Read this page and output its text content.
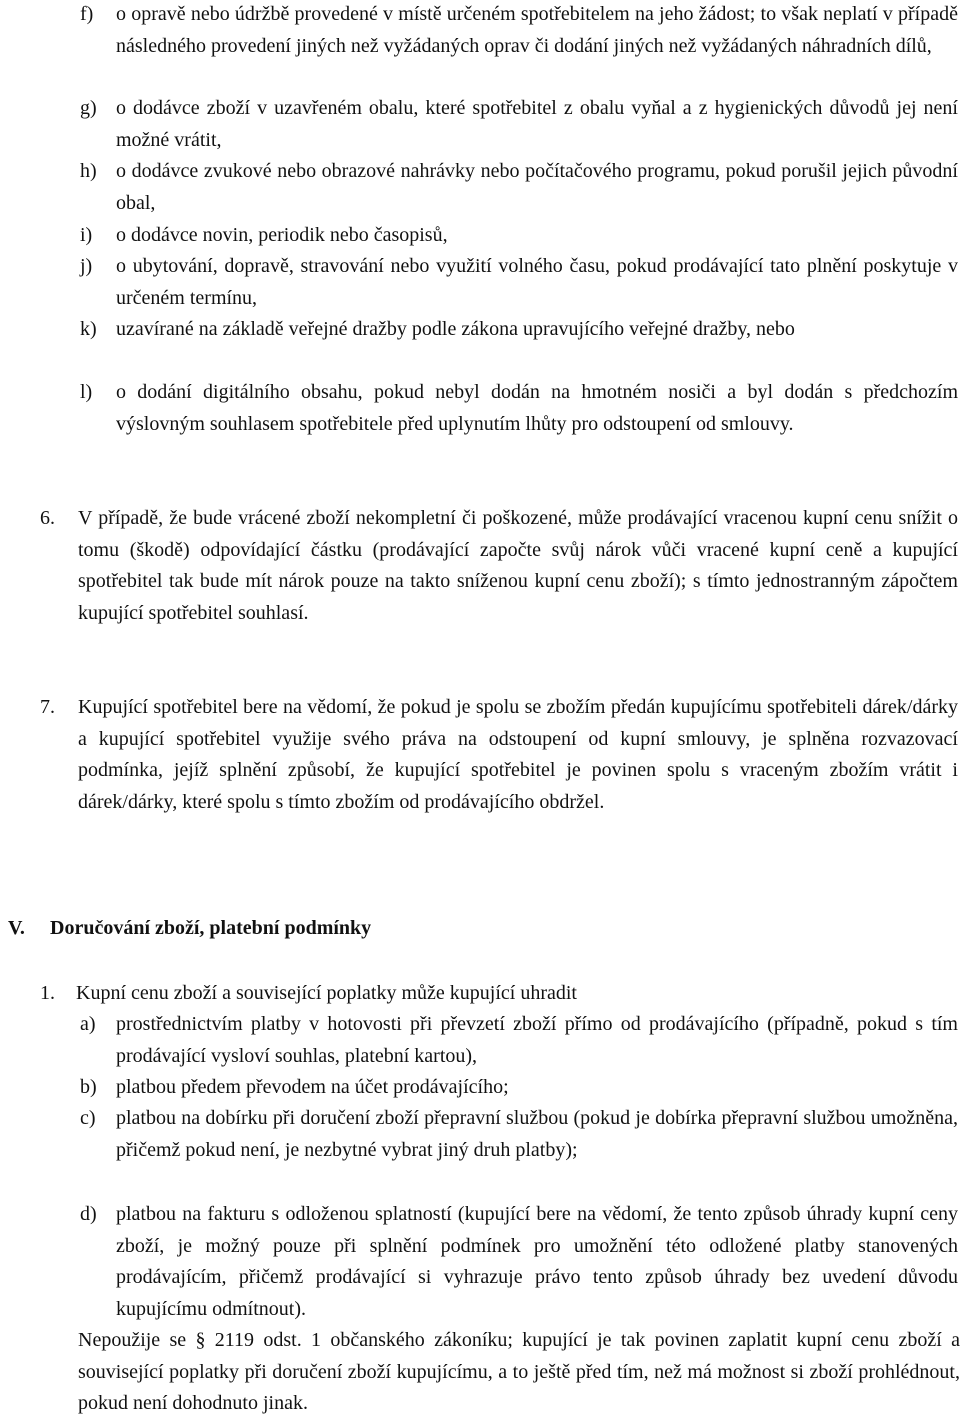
f)	o opravě nebo údržbě provedené v místě určeném spotřebitelem na jeho žádost; to však neplatí v případě následného provedení jiných než vyžádaných oprav či dodání jiných než vyžádaných náhradních dílů,
g) o dodávce zboží v uzavřeném obalu, které spotřebitel z obalu vyňal a z hygienických důvodů jej není možné vrátit,
h) o dodávce zvukové nebo obrazové nahrávky nebo počítačového programu, pokud porušil jejich původní obal,
i)	o dodávce novin, periodik nebo časopisů,
j)	o ubytování, dopravě, stravování nebo využití volného času, pokud prodávající tato plnění poskytuje v určeném termínu,
k) uzavírané na základě veřejné dražby podle zákona upravujícího veřejné dražby, nebo
l)	o dodání digitálního obsahu, pokud nebyl dodán na hmotném nosiči a byl dodán s předchozím výslovným souhlasem spotřebitele před uplynutím lhůty pro odstoupení od smlouvy.
6.	V případě, že bude vrácené zboží nekompletní či poškozené, může prodávající vracenou kupní cenu snížit o tomu (škodě) odpovídající částku (prodávající započte svůj nárok vůči vracené kupní ceně a kupující spotřebitel tak bude mít nárok pouze na takto sníženou kupní cenu zboží); s tímto jednostranným zápočtem kupující spotřebitel souhlasí.
7.	Kupující spotřebitel bere na vědomí, že pokud je spolu se zbožím předán kupujícímu spotřebiteli dárek/dárky a kupující spotřebitel využije svého práva na odstoupení od kupní smlouvy, je splněna rozvazovací podmínka, jejíž splnění způsobí, že kupující spotřebitel je povinen spolu s vraceným zbožím vrátit i dárek/dárky, které spolu s tímto zbožím od prodávajícího obdržel.
V.	Doručování zboží, platební podmínky
1.	Kupní cenu zboží a související poplatky může kupující uhradit
a)	prostřednictvím platby v hotovosti při převzetí zboží přímo od prodávajícího (případně, pokud s tím prodávající vysloví souhlas, platební kartou),
b) platbou předem převodem na účet prodávajícího;
c)	platbou na dobírku při doručení zboží přepravní službou (pokud je dobírka přepravní službou umožněna, přičemž pokud není, je nezbytné vybrat jiný druh platby);
d) platbou na fakturu s odloženou splatností (kupující bere na vědomí, že tento způsob úhrady kupní ceny zboží, je možný pouze při splnění podmínek pro umožnění této odložené platby stanovených prodávajícím, přičemž prodávající si vyhrazuje právo tento způsob úhrady bez uvedení důvodu kupujícímu odmítnout).
Nepoužije se § 2119 odst. 1 občanského zákoníku; kupující je tak povinen zaplatit kupní cenu zboží a související poplatky při doručení zboží kupujícímu, a to ještě před tím, než má možnost si zboží prohlédnout, pokud není dohodnuto jinak.
